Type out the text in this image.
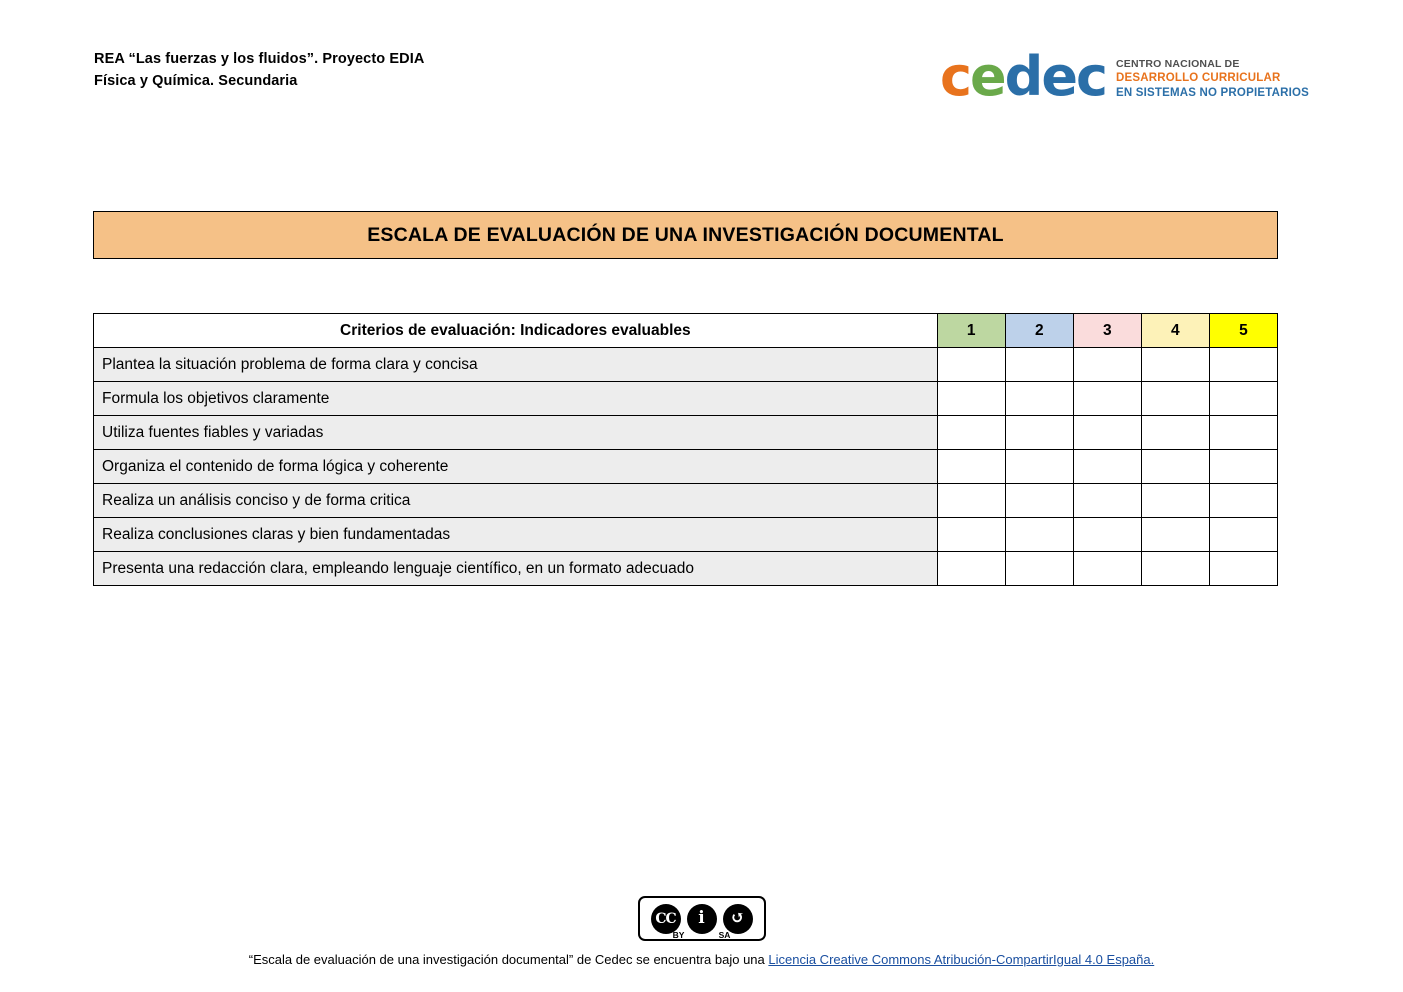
REA “Las fuerzas y los fluidos”. Proyecto EDIA
Física y Química. Secundaria	cedec CENTRO NACIONAL DE
DESARROLLO CURRICULAR
EN SISTEMAS NO PROPIETARIOS
ESCALA DE EVALUACIÓN DE UNA INVESTIGACIÓN DOCUMENTAL
Criterios de evaluación: Indicadores evaluables	1	2	3	4	5
Plantea la situación problema de forma clara y concisa					
Formula los objetivos claramente					
Utiliza fuentes fiables y variadas					
Organiza el contenido de forma lógica y coherente					
Realiza un análisis conciso y de forma critica					
Realiza conclusiones claras y bien fundamentadas					
Presenta una redacción clara, empleando lenguaje científico, en un formato adecuado					
CC	i	↺
BY	SA
“Escala de evaluación de una investigación documental” de Cedec se encuentra bajo una Licencia Creative Commons Atribución-CompartirIgual 4.0 España.
